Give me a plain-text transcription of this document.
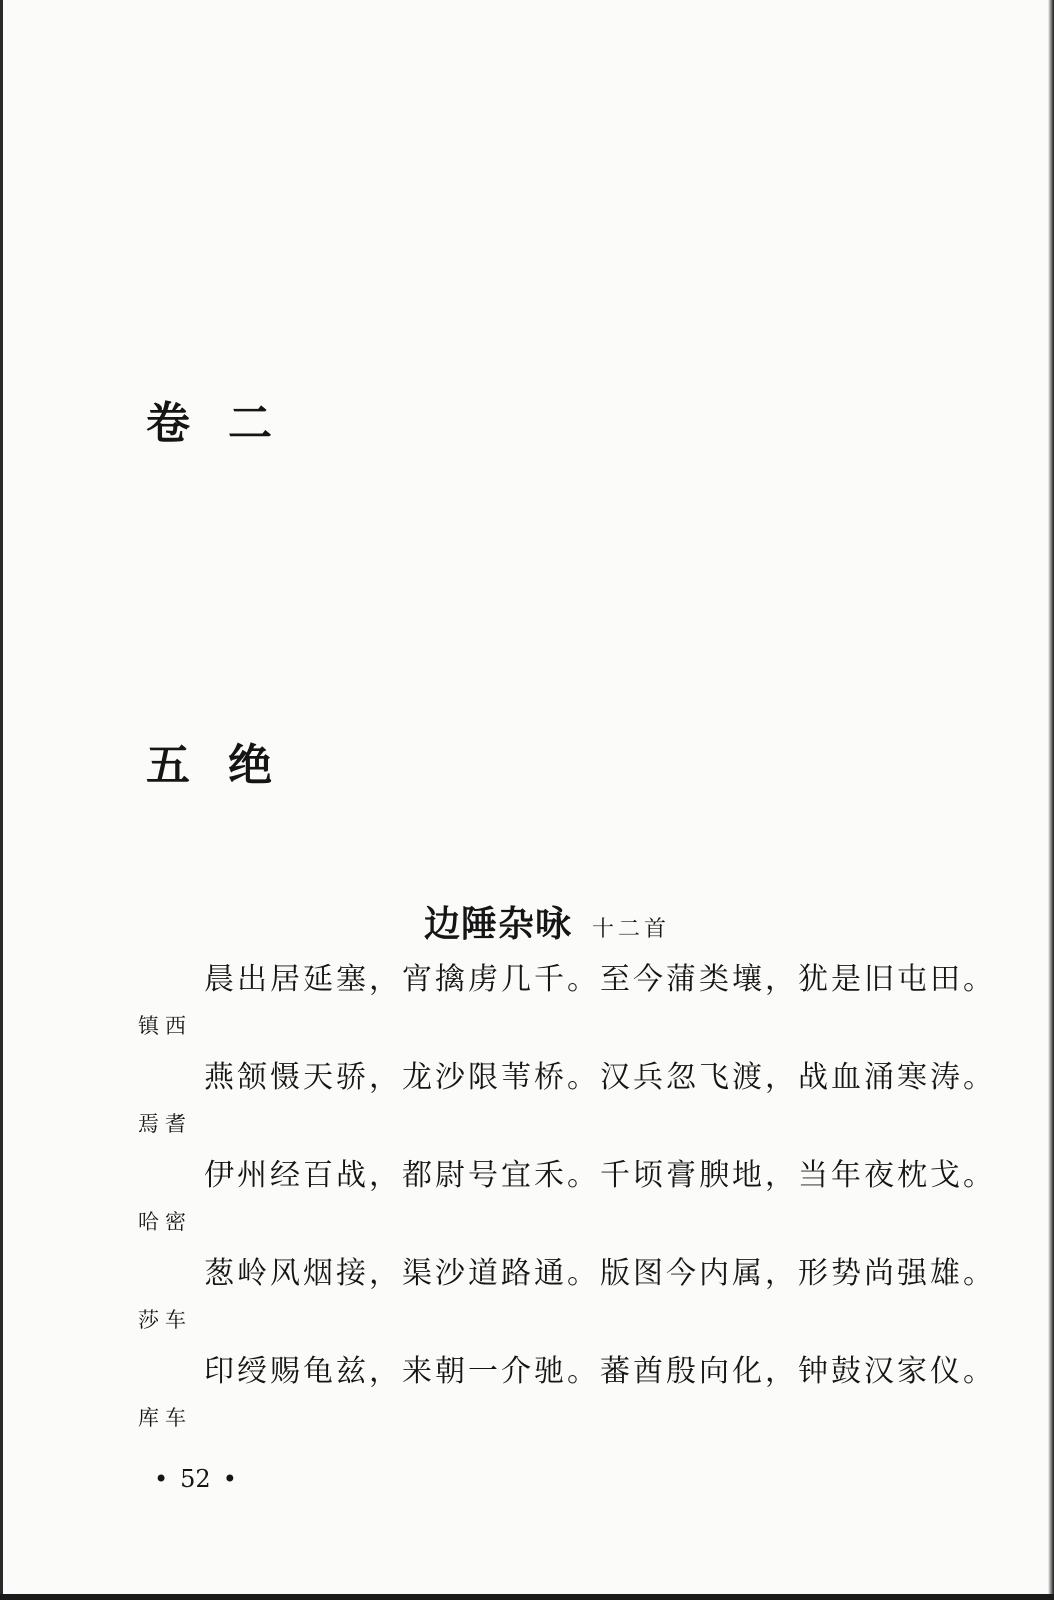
卷二
五绝
边陲杂咏 十二首
晨出居延塞，宵擒虏几千。至今蒲类壤，犹是旧屯田。
镇西
燕颔慑天骄，龙沙限苇桥。汉兵忽飞渡，战血涌寒涛。
焉耆
伊州经百战，都尉号宜禾。千顷膏腴地，当年夜枕戈。
哈密
葱岭风烟接，渠沙道路通。版图今内属，形势尚强雄。
莎车
印绶赐龟兹，来朝一介驰。蕃酋殷向化，钟鼓汉家仪。
库车
• 52 •
